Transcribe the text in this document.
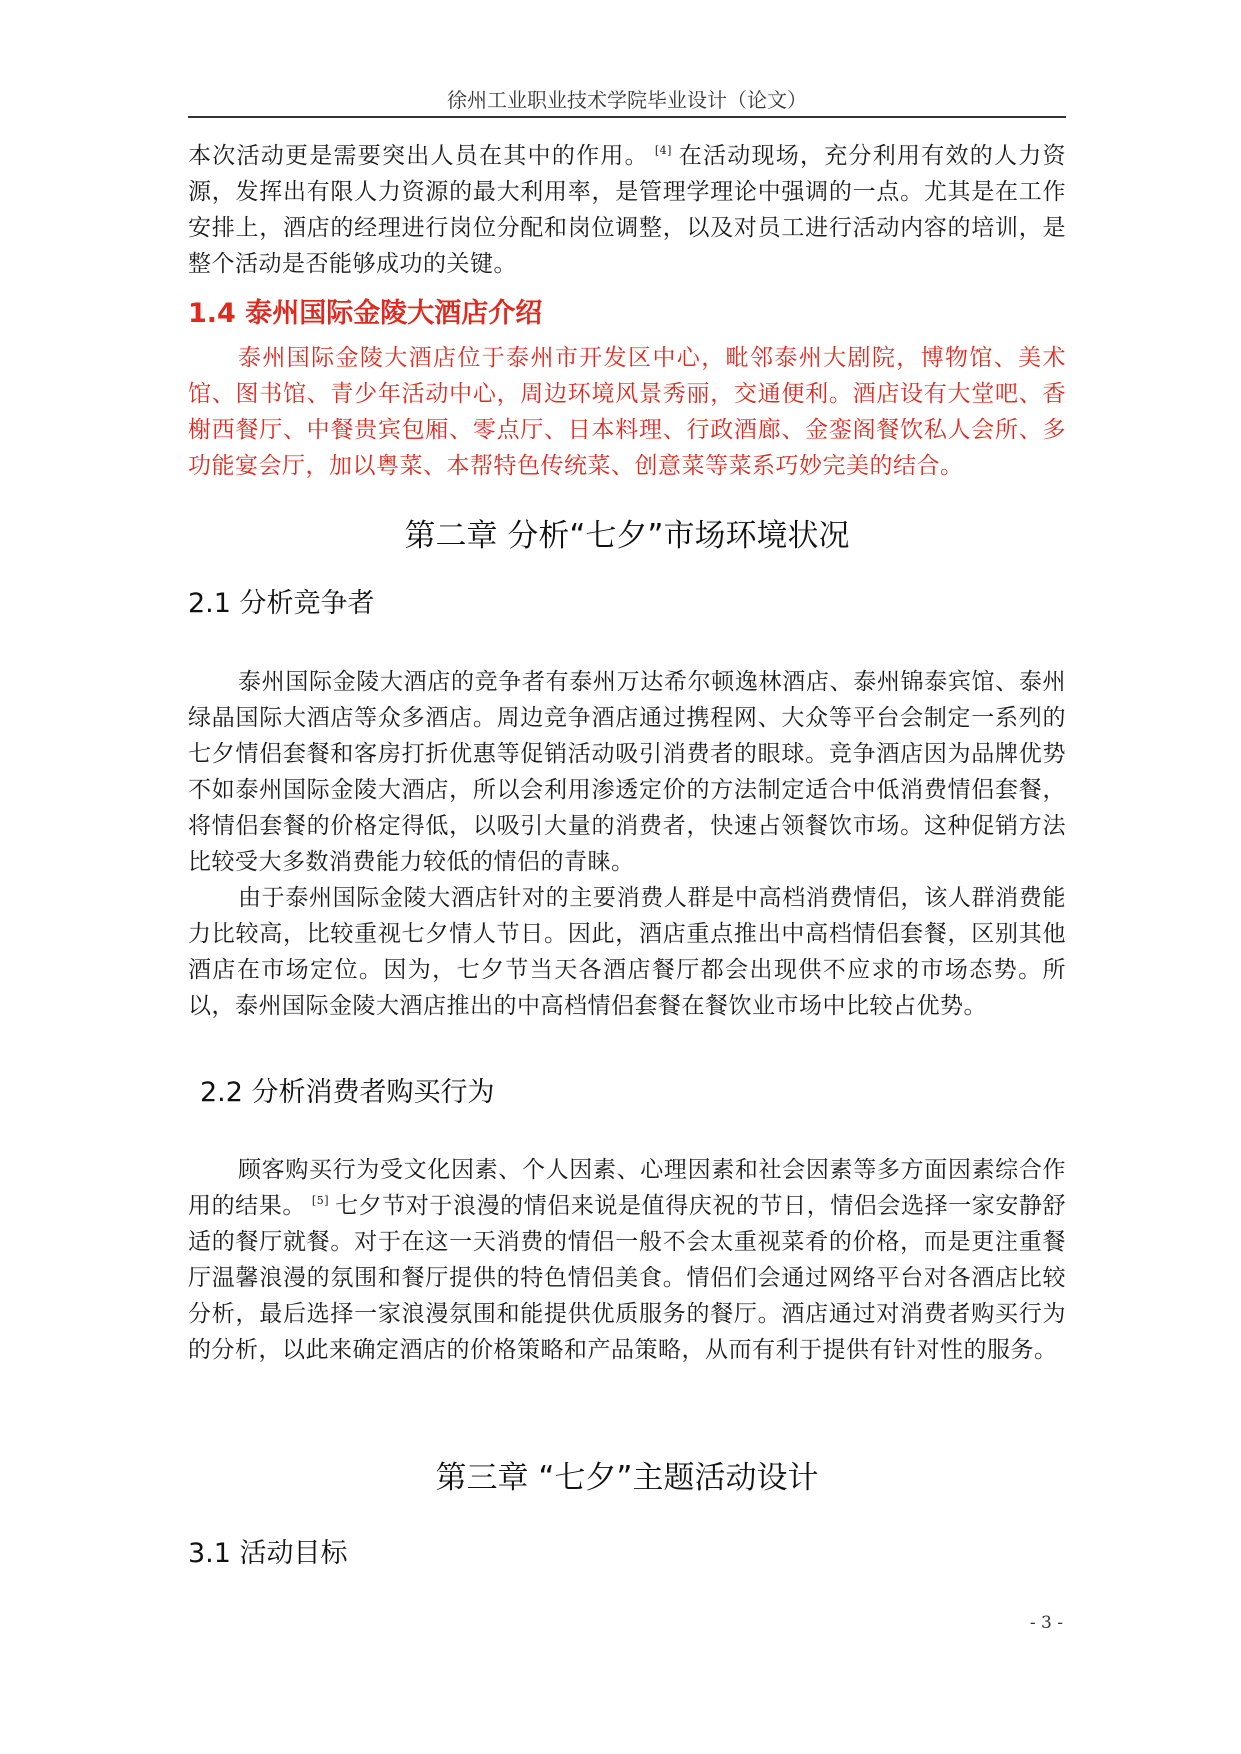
徐州工业职业技术学院毕业设计（论文）

本次活动更是需要突出人员在其中的作用。 [4] 在活动现场，充分利用有效的人力资源，发挥出有限人力资源的最大利用率，是管理学理论中强调的一点。尤其是在工作安排上，酒店的经理进行岗位分配和岗位调整，以及对员工进行活动内容的培训，是整个活动是否能够成功的关键。

1.4 泰州国际金陵大酒店介绍

泰州国际金陵大酒店位于泰州市开发区中心，毗邻泰州大剧院，博物馆、美术馆、图书馆、青少年活动中心，周边环境风景秀丽，交通便利。酒店设有大堂吧、香榭西餐厅、中餐贵宾包厢、零点厅、日本料理、行政酒廊、金銮阁餐饮私人会所、多功能宴会厅，加以粤菜、本帮特色传统菜、创意菜等菜系巧妙完美的结合。

第二章 分析“七夕”市场环境状况
2.1 分析竞争者

泰州国际金陵大酒店的竞争者有泰州万达希尔顿逸林酒店、泰州锦泰宾馆、泰州绿晶国际大酒店等众多酒店。周边竞争酒店通过携程网、大众等平台会制定一系列的七夕情侣套餐和客房打折优惠等促销活动吸引消费者的眼球。竞争酒店因为品牌优势不如泰州国际金陵大酒店，所以会利用渗透定价的方法制定适合中低消费情侣套餐，将情侣套餐的价格定得低，以吸引大量的消费者，快速占领餐饮市场。这种促销方法比较受大多数消费能力较低的情侣的青睐。

由于泰州国际金陵大酒店针对的主要消费人群是中高档消费情侣，该人群消费能力比较高，比较重视七夕情人节日。因此，酒店重点推出中高档情侣套餐，区别其他酒店在市场定位。因为，七夕节当天各酒店餐厅都会出现供不应求的市场态势。所以，泰州国际金陵大酒店推出的中高档情侣套餐在餐饮业市场中比较占优势。

2.2 分析消费者购买行为

顾客购买行为受文化因素、个人因素、心理因素和社会因素等多方面因素综合作用的结果。 [5] 七夕节对于浪漫的情侣来说是值得庆祝的节日，情侣会选择一家安静舒适的餐厅就餐。对于在这一天消费的情侣一般不会太重视菜肴的价格，而是更注重餐厅温馨浪漫的氛围和餐厅提供的特色情侣美食。情侣们会通过网络平台对各酒店比较分析，最后选择一家浪漫氛围和能提供优质服务的餐厅。酒店通过对消费者购买行为的分析，以此来确定酒店的价格策略和产品策略，从而有利于提供有针对性的服务。

第三章 “七夕”主题活动设计
3.1 活动目标
- 3 -
